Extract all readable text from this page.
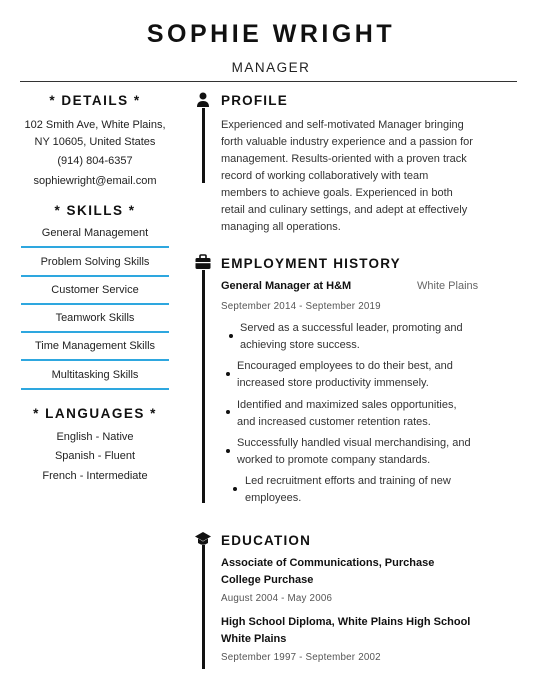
SOPHIE WRIGHT
MANAGER
* DETAILS *
102 Smith Ave, White Plains,
NY 10605, United States
(914) 804-6357
sophiewright@email.com
* SKILLS *
General Management
Problem Solving Skills
Customer Service
Teamwork Skills
Time Management Skills
Multitasking Skills
* LANGUAGES *
English - Native
Spanish - Fluent
French - Intermediate
PROFILE
Experienced and self-motivated Manager bringing
forth valuable industry experience and a passion for
management. Results-oriented with a proven track
record of working collaboratively with team
members to achieve goals. Experienced in both
retail and culinary settings, and adept at effectively
managing all operations.
EMPLOYMENT HISTORY
General Manager at H&M	White Plains
September 2014 - September 2019
Served as a successful leader, promoting and
achieving store success.
Encouraged employees to do their best, and
increased store productivity immensely.
Identified and maximized sales opportunities,
and increased customer retention rates.
Successfully handled visual merchandising, and
worked to promote company standards.
Led recruitment efforts and training of new
employees.
EDUCATION
Associate of Communications, Purchase
College Purchase
August 2004 - May 2006
High School Diploma, White Plains High School
White Plains
September 1997 - September 2002
